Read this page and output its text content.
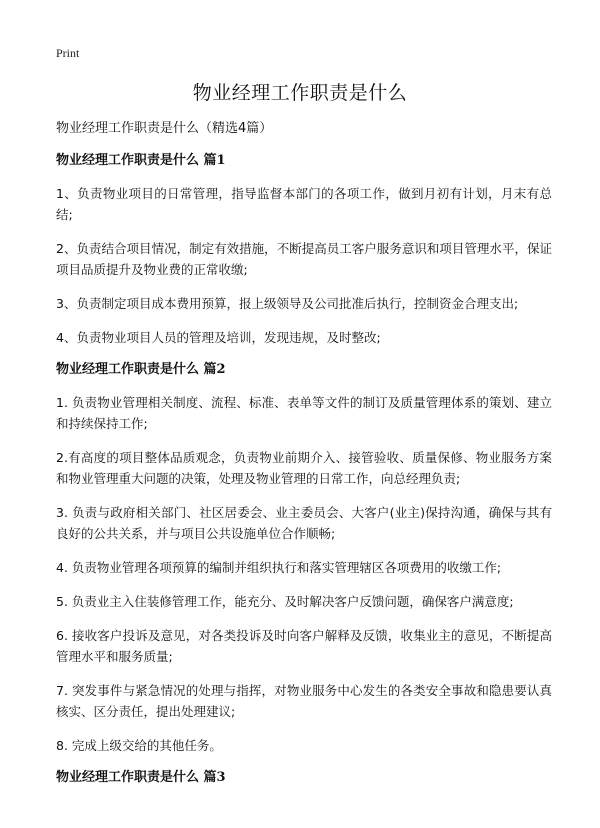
Print
物业经理工作职责是什么

物业经理工作职责是什么（精选4篇）

物业经理工作职责是什么 篇1

1、负责物业项目的日常管理，指导监督本部门的各项工作，做到月初有计划，月末有总结;

2、负责结合项目情况，制定有效措施，不断提高员工客户服务意识和项目管理水平，保证项目品质提升及物业费的正常收缴;

3、负责制定项目成本费用预算，报上级领导及公司批准后执行，控制资金合理支出;

4、负责物业项目人员的管理及培训，发现违规，及时整改;

物业经理工作职责是什么 篇2

1. 负责物业管理相关制度、流程、标准、表单等文件的制订及质量管理体系的策划、建立和持续保持工作;

2.有高度的项目整体品质观念，负责物业前期介入、接管验收、质量保修、物业服务方案和物业管理重大问题的决策，处理及物业管理的日常工作，向总经理负责;

3. 负责与政府相关部门、社区居委会、业主委员会、大客户(业主)保持沟通，确保与其有良好的公共关系，并与项目公共设施单位合作顺畅;

4. 负责物业管理各项预算的编制并组织执行和落实管理辖区各项费用的收缴工作;

5. 负责业主入住装修管理工作，能充分、及时解决客户反馈问题，确保客户满意度;

6. 接收客户投诉及意见，对各类投诉及时向客户解释及反馈，收集业主的意见，不断提高管理水平和服务质量;

7. 突发事件与紧急情况的处理与指挥，对物业服务中心发生的各类安全事故和隐患要认真核实、区分责任，提出处理建议;

8. 完成上级交给的其他任务。

物业经理工作职责是什么 篇3
